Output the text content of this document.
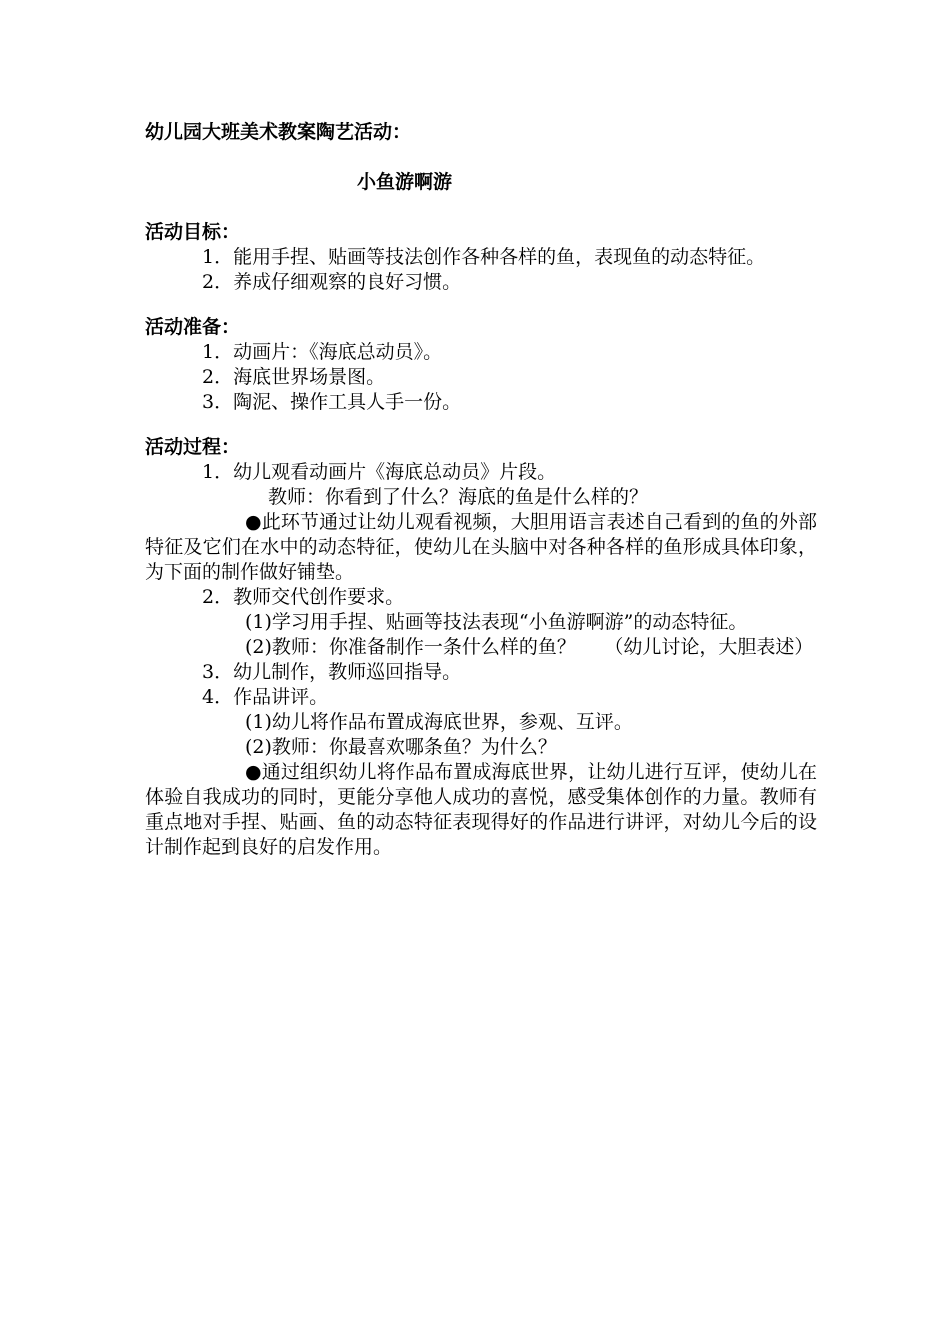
幼儿园大班美术教案陶艺活动：
小鱼游啊游
活动目标：

1．能用手捏、贴画等技法创作各种各样的鱼，表现鱼的动态特征。

2．养成仔细观察的良好习惯。

活动准备：

1．动画片：《海底总动员》。

2．海底世界场景图。

3．陶泥、操作工具人手一份。

活动过程：

1．幼儿观看动画片《海底总动员》片段。

教师：你看到了什么？海底的鱼是什么样的？

●此环节通过让幼儿观看视频，大胆用语言表述自己看到的鱼的外部特征及它们在水中的动态特征，使幼儿在头脑中对各种各样的鱼形成具体印象，为下面的制作做好铺垫。

2．教师交代创作要求。

(1)学习用手捏、贴画等技法表现“小鱼游啊游”的动态特征。

(2)教师：你准备制作一条什么样的鱼？　　（幼儿讨论，大胆表述）

3．幼儿制作，教师巡回指导。

4．作品讲评。

(1)幼儿将作品布置成海底世界，参观、互评。

(2)教师：你最喜欢哪条鱼？为什么？

●通过组织幼儿将作品布置成海底世界，让幼儿进行互评，使幼儿在体验自我成功的同时，更能分享他人成功的喜悦，感受集体创作的力量。教师有重点地对手捏、贴画、鱼的动态特征表现得好的作品进行讲评，对幼儿今后的设计制作起到良好的启发作用。
